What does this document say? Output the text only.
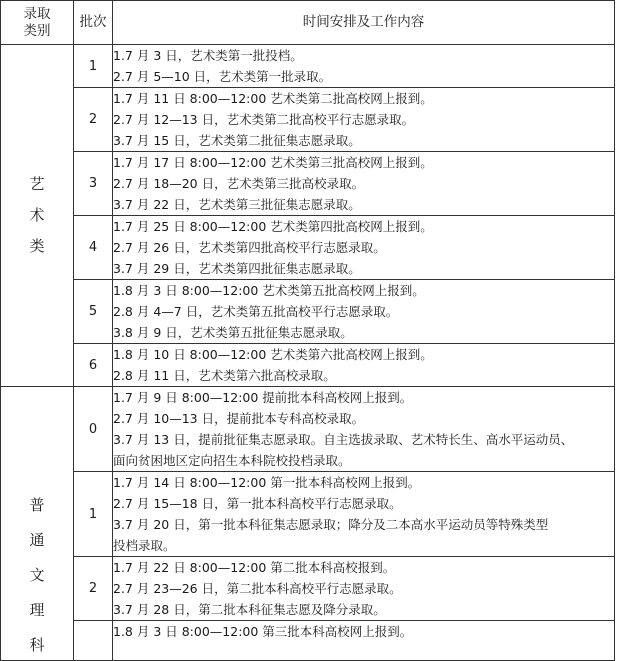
录取
类别	批次	时间安排及工作内容

艺
术
类	1	1.7 月 3 日，艺术类第一批投档。
2.7 月 5—10 日，艺术类第一批录取。

	2	1.7 月 11 日 8:00—12:00 艺术类第二批高校网上报到。
2.7 月 12—13 日，艺术类第二批高校平行志愿录取。
3.7 月 15 日，艺术类第二批征集志愿录取。

	3	1.7 月 17 日 8:00—12:00 艺术类第三批高校网上报到。
2.7 月 18—20 日，艺术类第三批高校录取。
3.7 月 22 日，艺术类第三批征集志愿录取。

	4	1.7 月 25 日 8:00—12:00 艺术类第四批高校网上报到。
2.7 月 26 日，艺术类第四批高校平行志愿录取。
3.7 月 29 日，艺术类第四批征集志愿录取。

	5	1.8 月 3 日 8:00—12:00 艺术类第五批高校网上报到。
2.8 月 4—7 日，艺术类第五批高校平行志愿录取。
3.8 月 9 日，艺术类第五批征集志愿录取。

	6	1.8 月 10 日 8:00—12:00 艺术类第六批高校网上报到。
2.8 月 11 日，艺术类第六批高校录取。

普
通
文
理
科	0	1.7 月 9 日 8:00—12:00 提前批本科高校网上报到。
2.7 月 10—13 日，提前批本专科高校录取。
3.7 月 13 日，提前批征集志愿录取。自主选拔录取、艺术特长生、高水平运动员、
面向贫困地区定向招生本科院校投档录取。

	1	1.7 月 14 日 8:00—12:00 第一批本科高校网上报到。
2.7 月 15—18 日，第一批本科高校平行志愿录取。
3.7 月 20 日，第一批本科征集志愿录取；降分及二本高水平运动员等特殊类型
投档录取。

	2	1.7 月 22 日 8:00—12:00 第二批本科高校报到。
2.7 月 23—26 日，第二批本科高校平行志愿录取。
3.7 月 28 日，第二批本科征集志愿及降分录取。

		1.8 月 3 日 8:00—12:00 第三批本科高校网上报到。
